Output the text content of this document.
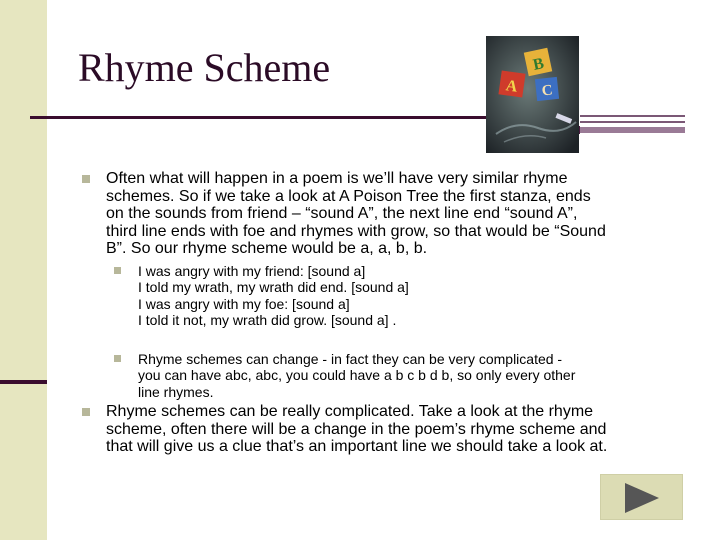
Rhyme Scheme	B
A C
Often what will happen in a poem is we’ll have very similar rhyme
schemes. So if we take a look at A Poison Tree the first stanza, ends
on the sounds from friend – “sound A”, the next line end “sound A”,
third line ends with foe and rhymes with grow, so that would be “Sound
B”. So our rhyme scheme would be a, a, b, b.
I was angry with my friend: [sound a]
I told my wrath, my wrath did end. [sound a]
I was angry with my foe: [sound a]
I told it not, my wrath did grow. [sound a] .
Rhyme schemes can change - in fact they can be very complicated -
you can have abc, abc, you could have a b c b d b, so only every other
line rhymes.
Rhyme schemes can be really complicated. Take a look at the rhyme
scheme, often there will be a change in the poem’s rhyme scheme and
that will give us a clue that’s an important line we should take a look at.
